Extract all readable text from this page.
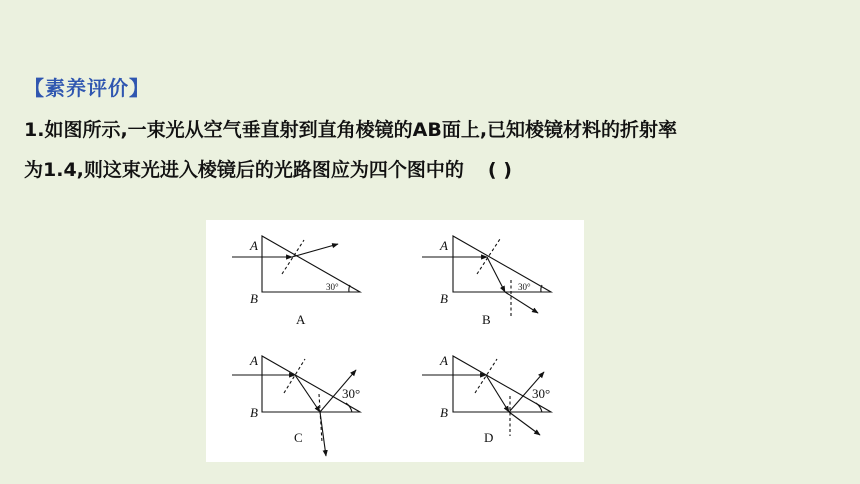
【素养评价】
1.如图所示,一束光从空气垂直射到直角棱镜的AB面上,已知棱镜材料的折射率
为1.4,则这束光进入棱镜后的光路图应为四个图中的 ( )
A
B
30°
A
A
B
30°
B
A
B
30°
C
A
B
30°
D
